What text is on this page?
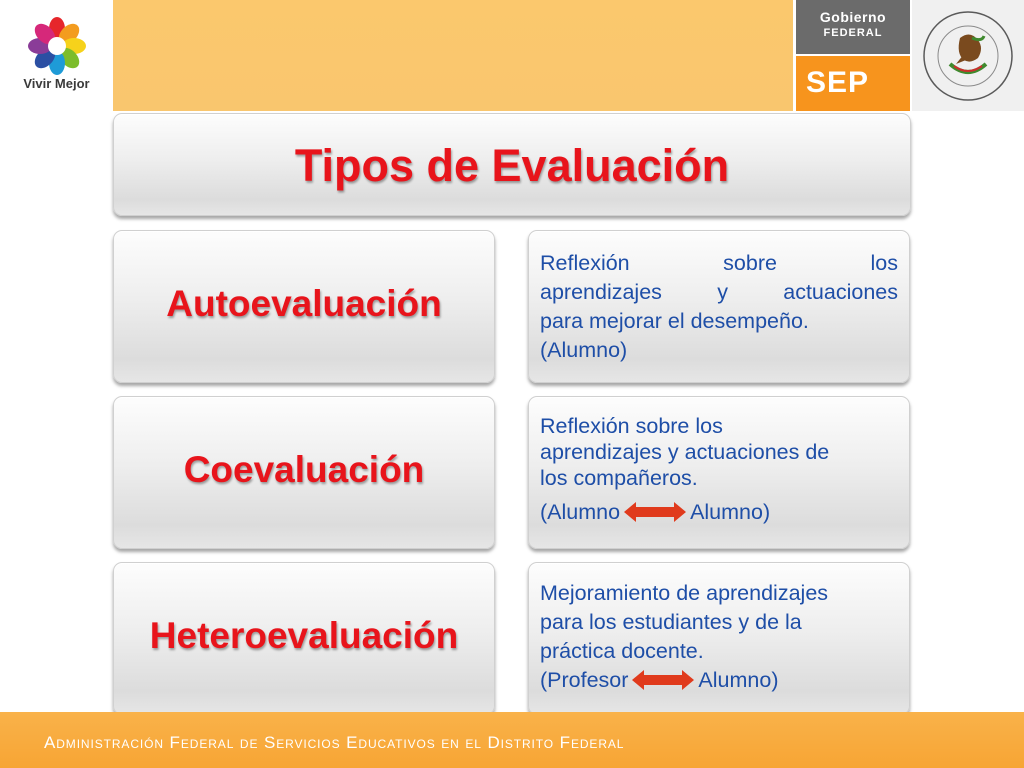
Vivir Mejor
Gobierno
FEDERAL
SEP
Tipos de Evaluación
Autoevaluación
Reflexión sobre los
aprendizajes y actuaciones
para mejorar el desempeño.
(Alumno)
Coevaluación
Reflexión sobre los
aprendizajes y actuaciones de
los compañeros.
(Alumno	Alumno)
Heteroevaluación
Mejoramiento de aprendizajes
para los estudiantes y de la
práctica docente.
(Profesor	Alumno)
Administración Federal de Servicios Educativos en el Distrito Federal
